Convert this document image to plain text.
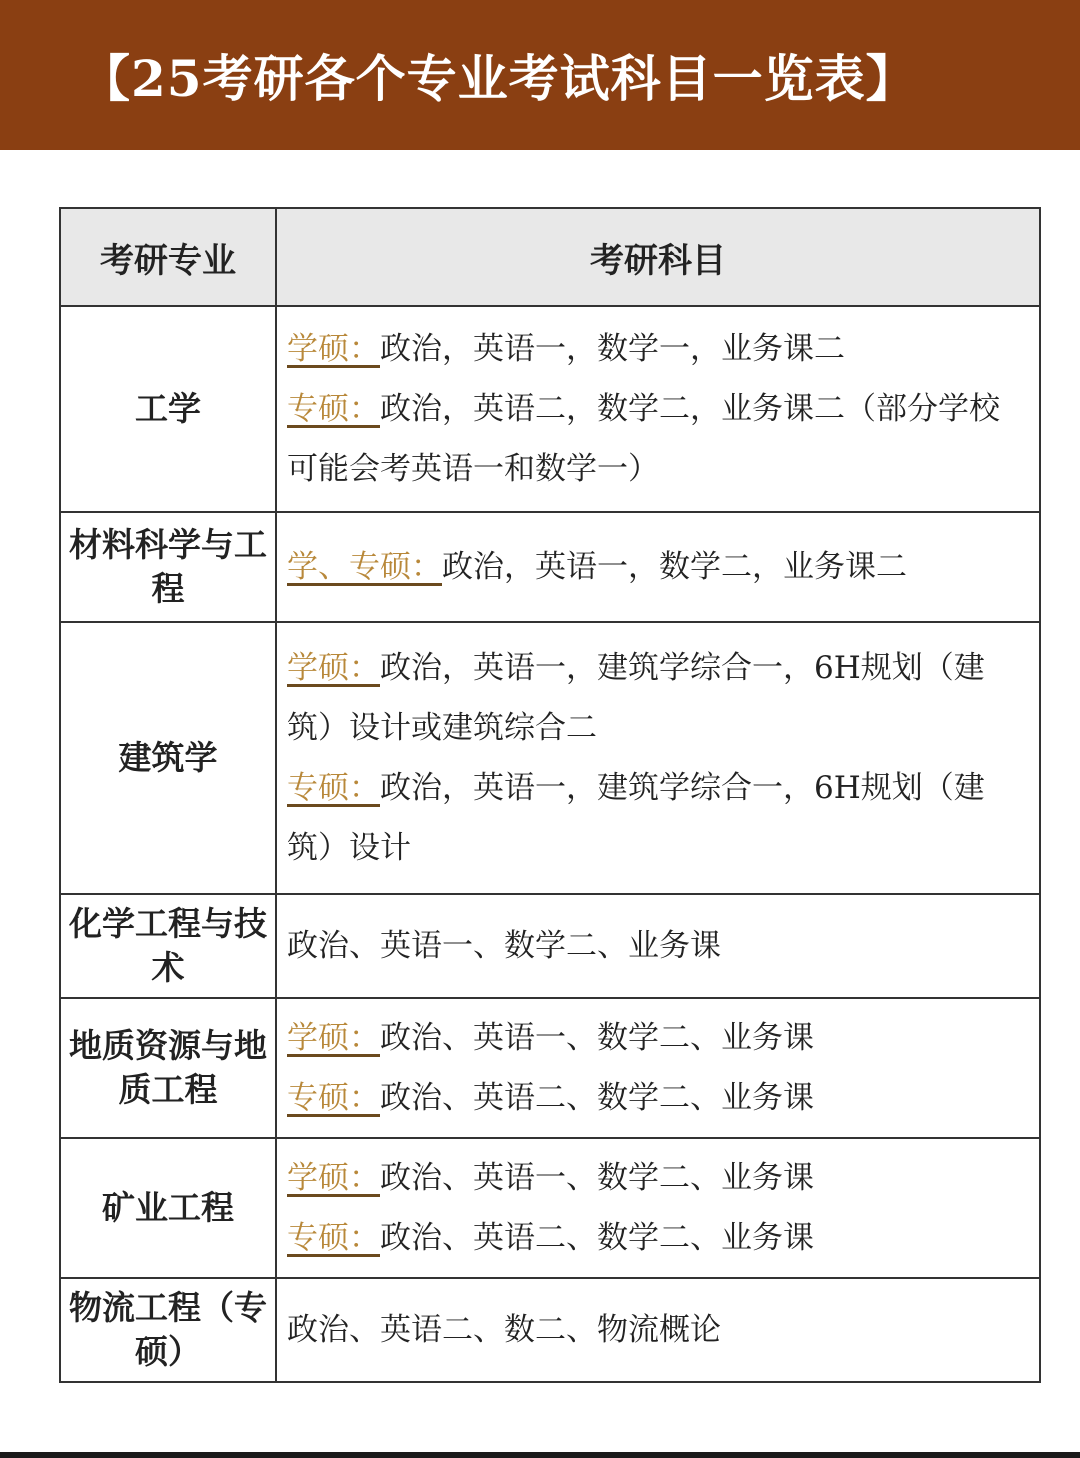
【25考研各个专业考试科目一览表】
考研专业	考研科目
工学	学硕：政治，英语一，数学一，业务课二
专硕：政治，英语二，数学二，业务课二（部分学校可能会考英语一和数学一）

材料科学与工程	学、专硕：政治，英语一，数学二，业务课二

建筑学	学硕：政治，英语一，建筑学综合一，6H规划（建筑）设计或建筑综合二
专硕：政治，英语一，建筑学综合一，6H规划（建筑）设计

化学工程与技术	政治、英语一、数学二、业务课

地质资源与地质工程	学硕：政治、英语一、数学二、业务课
专硕：政治、英语二、数学二、业务课

矿业工程	学硕：政治、英语一、数学二、业务课
专硕：政治、英语二、数学二、业务课

物流工程（专硕）	政治、英语二、数二、物流概论
